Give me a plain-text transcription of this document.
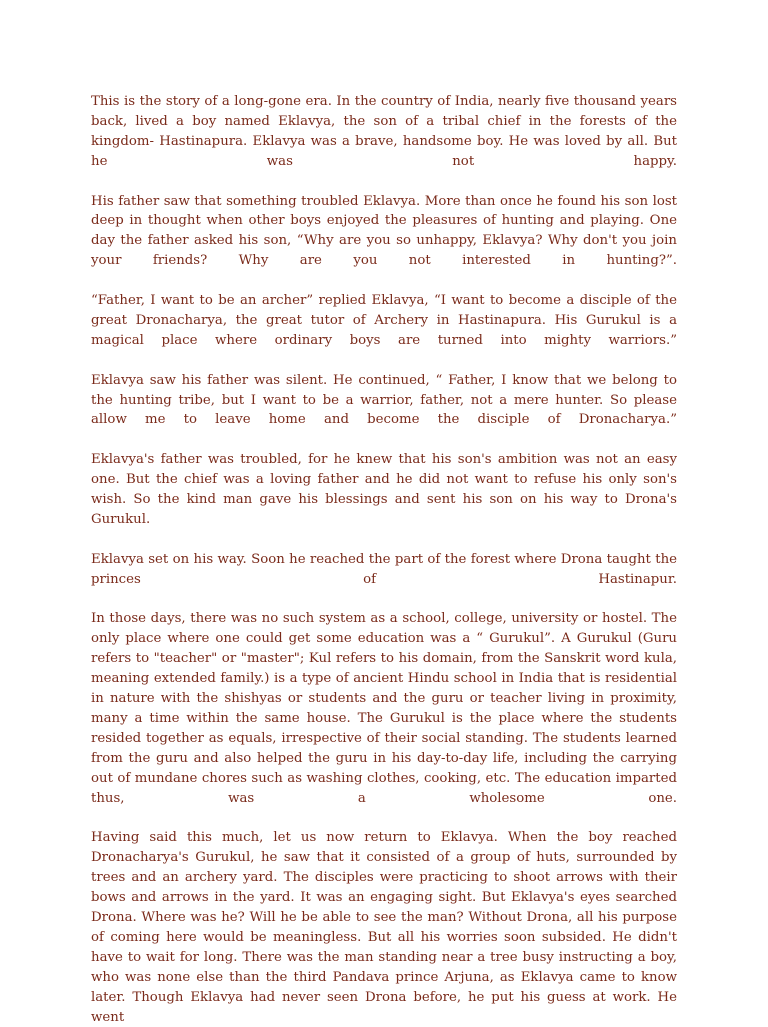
This is the story of a long-gone era. In the country of India, nearly five thousand years back, lived a boy named Eklavya, the son of a tribal chief in the forests of the kingdom- Hastinapura. Eklavya was a brave, handsome boy. He was loved by all. But he was not happy.

His father saw that something troubled Eklavya. More than once he found his son lost deep in thought when other boys enjoyed the pleasures of hunting and playing. One day the father asked his son, “Why are you so unhappy, Eklavya? Why don't you join your friends? Why are you not interested in hunting?”.

“Father, I want to be an archer” replied Eklavya, “I want to become a disciple of the great Dronacharya, the great tutor of Archery in Hastinapura. His Gurukul is a magical place where ordinary boys are turned into mighty warriors.”

Eklavya saw his father was silent. He continued, “ Father, I know that we belong to the hunting tribe, but I want to be a warrior, father, not a mere hunter. So please allow me to leave home and become the disciple of Dronacharya.”

Eklavya's father was troubled, for he knew that his son's ambition was not an easy one. But the chief was a loving father and he did not want to refuse his only son's wish. So the kind man gave his blessings and sent his son on his way to Drona's Gurukul.

Eklavya set on his way. Soon he reached the part of the forest where Drona taught the princes of Hastinapur.

In those days, there was no such system as a school, college, university or hostel. The only place where one could get some education was a “ Gurukul”. A Gurukul (Guru refers to "teacher" or "master"; Kul refers to his domain, from the Sanskrit word kula, meaning extended family.) is a type of ancient Hindu school in India that is residential in nature with the shishyas or students and the guru or teacher living in proximity, many a time within the same house. The Gurukul is the place where the students resided together as equals, irrespective of their social standing. The students learned from the guru and also helped the guru in his day-to-day life, including the carrying out of mundane chores such as washing clothes, cooking, etc. The education imparted thus, was a wholesome one.

Having said this much, let us now return to Eklavya. When the boy reached Dronacharya's Gurukul, he saw that it consisted of a group of huts, surrounded by trees and an archery yard. The disciples were practicing to shoot arrows with their bows and arrows in the yard. It was an engaging sight. But Eklavya's eyes searched Drona. Where was he? Will he be able to see the man? Without Drona, all his purpose of coming here would be meaningless. But all his worries soon subsided. He didn't have to wait for long. There was the man standing near a tree busy instructing a boy, who was none else than the third Pandava prince Arjuna, as Eklavya came to know later. Though Eklavya had never seen Drona before, he put his guess at work. He went
